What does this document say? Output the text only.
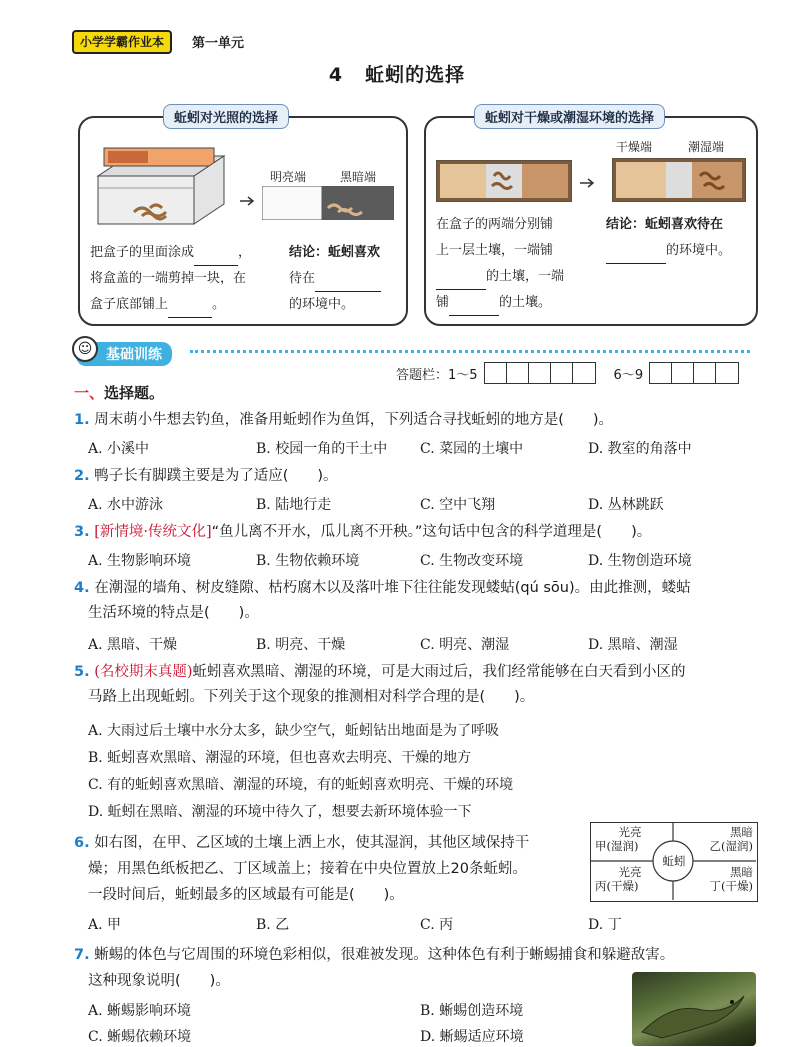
小学学霸作业本	第一单元
4 蚯蚓的选择
蚯蚓对光照的选择
明亮端	黑暗端
把盒子的里面涂成	，
将盒盖的一端剪掉一块，在
盒子底部铺上	。
结论：蚯蚓喜欢
待在
的环境中。
蚯蚓对干燥或潮湿环境的选择
干燥端	潮湿端
在盒子的两端分别铺
上一层土壤，一端铺
的土壤，一端
铺	的土壤。
结论：蚯蚓喜欢待在
的环境中。
基础训练
☺
答题栏：1～5	6～9
一、选择题。
1. 周末萌小牛想去钓鱼，准备用蚯蚓作为鱼饵，下列适合寻找蚯蚓的地方是(　　)。
A. 小溪中	B. 校园一角的干土中 C. 菜园的土壤中	D. 教室的角落中
2. 鸭子长有脚蹼主要是为了适应(　　)。
A. 水中游泳	B. 陆地行走	C. 空中飞翔	D. 丛林跳跃
3. [新情境·传统文化]“鱼儿离不开水，瓜儿离不开秧。”这句话中包含的科学道理是(　　)。
A. 生物影响环境	B. 生物依赖环境	C. 生物改变环境	D. 生物创造环境
4. 在潮湿的墙角、树皮缝隙、枯朽腐木以及落叶堆下往往能发现蝼蛄(qú sōu)。由此推测，蝼蛄
生活环境的特点是(　　)。
A. 黑暗、干燥	B. 明亮、干燥	C. 明亮、潮湿	D. 黑暗、潮湿
5. (名校期末真题)蚯蚓喜欢黑暗、潮湿的环境，可是大雨过后，我们经常能够在白天看到小区的
马路上出现蚯蚓。下列关于这个现象的推测相对科学合理的是(　　)。
A. 大雨过后土壤中水分太多，缺少空气，蚯蚓钻出地面是为了呼吸
B. 蚯蚓喜欢黑暗、潮湿的环境，但也喜欢去明亮、干燥的地方
C. 有的蚯蚓喜欢黑暗、潮湿的环境，有的蚯蚓喜欢明亮、干燥的环境
D. 蚯蚓在黑暗、潮湿的环境中待久了，想要去新环境体验一下
6. 如右图，在甲、乙区域的土壤上洒上水，使其湿润，其他区域保持干
燥；用黑色纸板把乙、丁区域盖上；接着在中央位置放上20条蚯蚓。
一段时间后，蚯蚓最多的区域最有可能是(　　)。
A. 甲	B. 乙	C. 丙	D. 丁
光亮
甲(湿润)
黑暗
乙(湿润)
光亮
丙(干燥)
黑暗
丁(干燥)
蚯蚓
7. 蜥蜴的体色与它周围的环境色彩相似，很难被发现。这种体色有利于蜥蜴捕食和躲避敌害。
这种现象说明(　　)。
A. 蜥蜴影响环境	B. 蜥蜴创造环境
C. 蜥蜴依赖环境	D. 蜥蜴适应环境
